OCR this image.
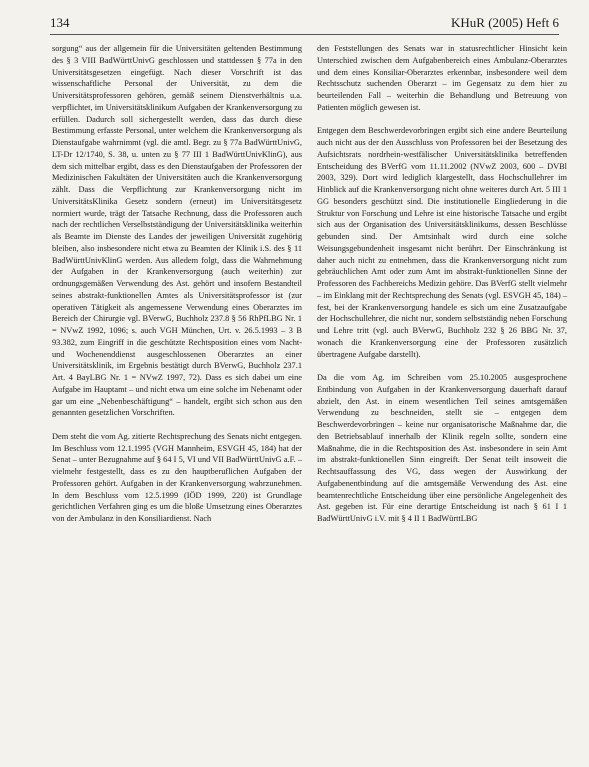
134	KHuR (2005) Heft 6

sorgung“ aus der allgemein für die Universitäten geltenden Bestimmung des § 3 VIII BadWürttUnivG geschlossen und stattdessen § 77a in den Universitätsgesetzen eingefügt. Nach dieser Vorschrift ist das wissenschaftliche Personal der Universität, zu dem die Universitätsprofessoren gehören, gemäß seinem Dienstverhältnis u.a. verpflichtet, im Universitätsklinikum Aufgaben der Krankenversorgung zu erfüllen. Dadurch soll sichergestellt werden, dass das durch diese Bestimmung erfasste Personal, unter welchem die Krankenversorgung als Dienstaufgabe wahrnimmt (vgl. die amtl. Begr. zu § 77a BadWürttUnivG, LT-Dr 12/1740, S. 38, u. unten zu § 77 III 1 BadWürttUnivKlinG), aus dem sich mittelbar ergibt, dass es den Dienstaufgaben der Professoren der Medizinischen Fakultäten der Universitäten auch die Krankenversorgung zählt. Dass die Verpflichtung zur Krankenversorgung nicht im UniversitätsKlinika Gesetz sondern (erneut) im Universitätsgesetz normiert wurde, trägt der Tatsache Rechnung, dass die Professoren auch nach der rechtlichen Verselbstständigung der Universitätsklinika weiterhin als Beamte im Dienste des Landes der jeweiligen Universität zugehörig bleiben, also insbesondere nicht etwa zu Beamten der Klinik i.S. des § 11 BadWürttUnivKlinG werden. Aus alledem folgt, dass die Wahrnehmung der Aufgaben in der Krankenversorgung (auch weiterhin) zur ordnungsgemäßen Verwendung des Ast. gehört und insofern Bestandteil seines abstrakt-funktionellen Amtes als Universitätsprofessor ist (zur operativen Tätigkeit als angemessene Verwendung eines Oberarztes im Bereich der Chirurgie vgl. BVerwG, Buchholz 237.8 § 56 RhPfLBG Nr. 1 = NVwZ 1992, 1096; s. auch VGH München, Urt. v. 26.5.1993 – 3 B 93.382, zum Eingriff in die geschützte Rechtsposition eines vom Nacht- und Wochenenddienst ausgeschlossenen Oberarztes an einer Universitätsklinik, im Ergebnis bestätigt durch BVerwG, Buchholz 237.1 Art. 4 BayLBG Nr. 1 = NVwZ 1997, 72). Dass es sich dabei um eine Aufgabe im Hauptamt – und nicht etwa um eine solche im Nebenamt oder gar um eine „Nebenbeschäftigung“ – handelt, ergibt sich schon aus den genannten gesetzlichen Vorschriften.

Dem steht die vom Ag. zitierte Rechtsprechung des Senats nicht entgegen. Im Beschluss vom 12.1.1995 (VGH Mannheim, ESVGH 45, 184) hat der Senat – unter Bezugnahme auf § 64 I 5, VI und VII BadWürttUnivG a.F. – vielmehr festgestellt, dass es zu den hauptberuflichen Aufgaben der Professoren gehört. Aufgaben in der Krankenversorgung wahrzunehmen. In dem Beschluss vom 12.5.1999 (IÖD 1999, 220) ist Grundlage gerichtlichen Verfahren ging es um die bloße Umsetzung eines Oberarztes von der Ambulanz in den Konsiliardienst. Nach

den Feststellungen des Senats war in statusrechtlicher Hinsicht kein Unterschied zwischen dem Aufgabenbereich eines Ambulanz-Oberarztes und dem eines Konsiliar-Oberarztes erkennbar, insbesondere weil dem Rechtsschutz suchenden Oberarzt – im Gegensatz zu dem hier zu beurteilenden Fall – weiterhin die Behandlung und Betreuung von Patienten möglich gewesen ist.

Entgegen dem Beschwerdevorbringen ergibt sich eine andere Beurteilung auch nicht aus der den Ausschluss von Professoren bei der Besetzung des Aufsichtsrats nordrhein-westfälischer Universitätsklinika betreffenden Entscheidung des BVerfG vom 11.11.2002 (NVwZ 2003, 600 – DVBl 2003, 329). Dort wird lediglich klargestellt, dass Hochschullehrer im Hinblick auf die Krankenversorgung nicht ohne weiteres durch Art. 5 III 1 GG besonders geschützt sind. Die institutionelle Eingliederung in die Struktur von Forschung und Lehre ist eine historische Tatsache und ergibt sich aus der Organisation des Universitätsklinikums, dessen Beschlüsse gebunden sind. Der Amtsinhalt wird durch eine solche Weisungsgebundenheit insgesamt nicht berührt. Der Einschränkung ist daher auch nicht zu entnehmen, dass die Krankenversorgung nicht zum gebräuchlichen Amt oder zum Amt im abstrakt-funktionellen Sinne der Professoren des Fachbereichs Medizin gehöre. Das BVerfG stellt vielmehr – im Einklang mit der Rechtsprechung des Senats (vgl. ESVGH 45, 184) – fest, bei der Krankenversorgung handele es sich um eine Zusatzaufgabe der Hochschullehrer, die nicht nur, sondern selbstständig neben Forschung und Lehre tritt (vgl. auch BVerwG, Buchholz 232 § 26 BBG Nr. 37, wonach die Krankenversorgung eine der Professoren zusätzlich übertragene Aufgabe darstellt).

Da die vom Ag. im Schreiben vom 25.10.2005 ausgesprochene Entbindung von Aufgaben in der Krankenversorgung dauerhaft darauf abzielt, den Ast. in einem wesentlichen Teil seines amtsgemäßen Verwendung zu beschneiden, stellt sie – entgegen dem Beschwerdevorbringen – keine nur organisatorische Maßnahme dar, die den Betriebsablauf innerhalb der Klinik regeln sollte, sondern eine Maßnahme, die in die Rechtsposition des Ast. insbesondere in sein Amt im abstrakt-funktionellen Sinn eingreift. Der Senat teilt insoweit die Rechtsauffassung des VG, dass wegen der Auswirkung der Aufgabenentbindung auf die amtsgemäße Verwendung des Ast. eine beamtenrechtliche Entscheidung über eine persönliche Angelegenheit des Ast. gegeben ist. Für eine derartige Entscheidung ist nach § 61 I 1 BadWürttUnivG i.V. mit § 4 II 1 BadWürttLBG
